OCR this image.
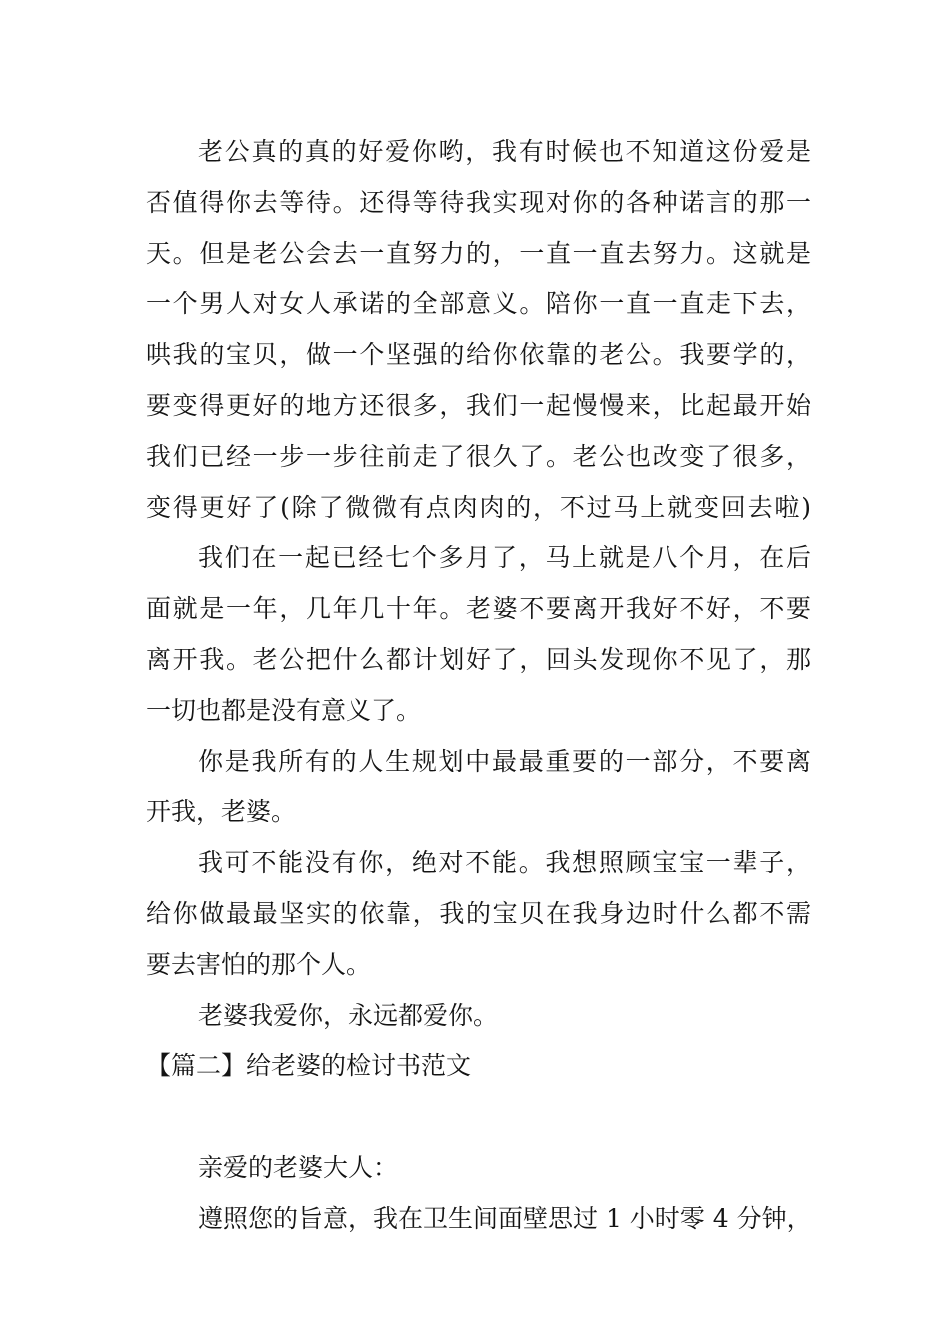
老公真的真的好爱你哟，我有时候也不知道这份爱是
否值得你去等待。还得等待我实现对你的各种诺言的那一
天。但是老公会去一直努力的，一直一直去努力。这就是
一个男人对女人承诺的全部意义。陪你一直一直走下去，
哄我的宝贝，做一个坚强的给你依靠的老公。我要学的，
要变得更好的地方还很多，我们一起慢慢来，比起最开始
我们已经一步一步往前走了很久了。老公也改变了很多，
变得更好了(除了微微有点肉肉的，不过马上就变回去啦)
我们在一起已经七个多月了，马上就是八个月，在后
面就是一年，几年几十年。老婆不要离开我好不好，不要
离开我。老公把什么都计划好了，回头发现你不见了，那
一切也都是没有意义了。
你是我所有的人生规划中最最重要的一部分，不要离
开我，老婆。
我可不能没有你，绝对不能。我想照顾宝宝一辈子，
给你做最最坚实的依靠，我的宝贝在我身边时什么都不需
要去害怕的那个人。
老婆我爱你，永远都爱你。
【篇二】给老婆的检讨书范文
亲爱的老婆大人：
遵照您的旨意，我在卫生间面壁思过 1 小时零 4 分钟，
